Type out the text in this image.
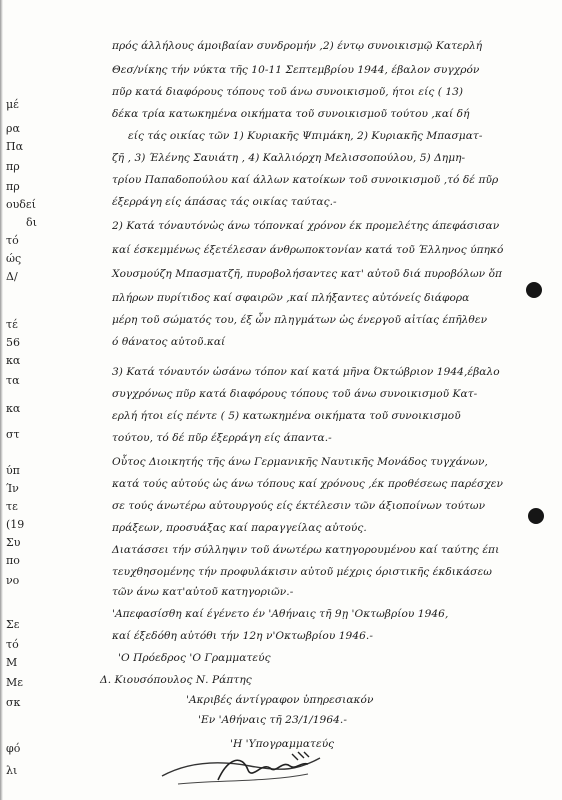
μέ
ρα
Πα
πρ
πρ
ουδεί
δι
τό
ώς
Δ/
τέ
56
κα
τα
κα
στ
ύπ
Ίν
τε
(19
Συ
πο
νο
Σε
τό
Μ
Με
σκ
φό
λι
πρός άλλήλους άμοιβαίαν συνδρομήν ,2) έντῳ συνοικισμῷ Κατερλή
Θεσ/νίκης τήν νύκτα τῆς 10-11 Σεπτεμβρίου 1944, έβαλον συγχρόν
πῦρ κατά διαφόρους τόπους τοῦ άνω συνοικισμοῦ, ήτοι είς ( 13)
δέκα τρία κατωκημένα οικήματα τοῦ συνοικισμοῦ τούτου ,καί δή
είς τάς οικίας τῶν 1) Κυριακῆς Ψπιμάκη, 2) Κυριακῆς Μπασματ-
ζῆ , 3) Έλένης Σαυιάτη , 4) Καλλιόρχη Μελισσοπούλου, 5) Δημη-
τρίου Παπαδοπούλου καί άλλων κατοίκων τοῦ συνοικισμοῦ ,τό δέ πῦρ
έξερράγη είς άπάσας τάς οικίας ταύτας.-
2) Κατά τόναυτόνὡς άνω τόπονκαί χρόνον έκ προμελέτης άπεφάσισαν
καί έσκεμμένως έξετέλεσαν άνθρωποκτονίαν κατά τοῦ Έλληνος ύπηκό
Χουσμούζη Μπασματζῆ, πυροβολήσαντες κατ' αὐτοῦ διά πυροβόλων ὅπ
πλήρων πυρίτιδος καί σφαιρῶν ,καί πλήξαντες αὐτόνείς διάφορα
μέρη τοῦ σώματός του, έξ ὧν πληγμάτων ὡς ένεργοῦ αἰτίας έπῆλθεν
ό θάνατος αὐτοῦ.καί
3) Κατά τόναυτόν ὡσάνω τόπον καί κατά μῆνα Όκτώβριον 1944,έβαλο
συγχρόνως πῦρ κατά διαφόρους τόπους τοῦ άνω συνοικισμοῦ Κατ-
ερλή ήτοι είς πέντε ( 5) κατωκημένα οικήματα τοῦ συνοικισμοῦ
τούτου, τό δέ πῦρ έξερράγη είς άπαντα.-
Οὗτος Διοικητής τῆς άνω Γερμανικῆς Ναυτικῆς Μονάδος τυγχάνων,
κατά τούς αὐτούς ὡς άνω τόπους καί χρόνους ,έκ προθέσεως παρέσχεν
σε τούς άνωτέρω αὐτουργούς είς έκτέλεσιν τῶν άξιοποίνων τούτων
πράξεων, προσυάξας καί παραγγείλας αὐτούς.
Διατάσσει τήν σύλληψιν τοῦ άνωτέρω κατηγορουμένου καί ταύτης έπι
τευχθησομένης τήν προφυλάκισιν αὐτοῦ μέχρις όριστικῆς έκδικάσεω
τῶν άνω κατ'αὐτοῦ κατηγοριῶν.-
'Απεφασίσθη καί έγένετο έν 'Αθήναις τῆ 9ῃ 'Οκτωβρίου 1946,
καί έξεδόθη αὐτόθι τήν 12η ν'Οκτωβρίου 1946.-
'Ο Πρόεδρος 'Ο Γραμματεύς
Δ. Κιουσόπουλος Ν. Ράπτης
'Ακριβές άντίγραφον ὑπηρεσιακόν
'Εν 'Αθήναις τῆ 23/1/1964.-
'Η 'Υπογραμματεύς
